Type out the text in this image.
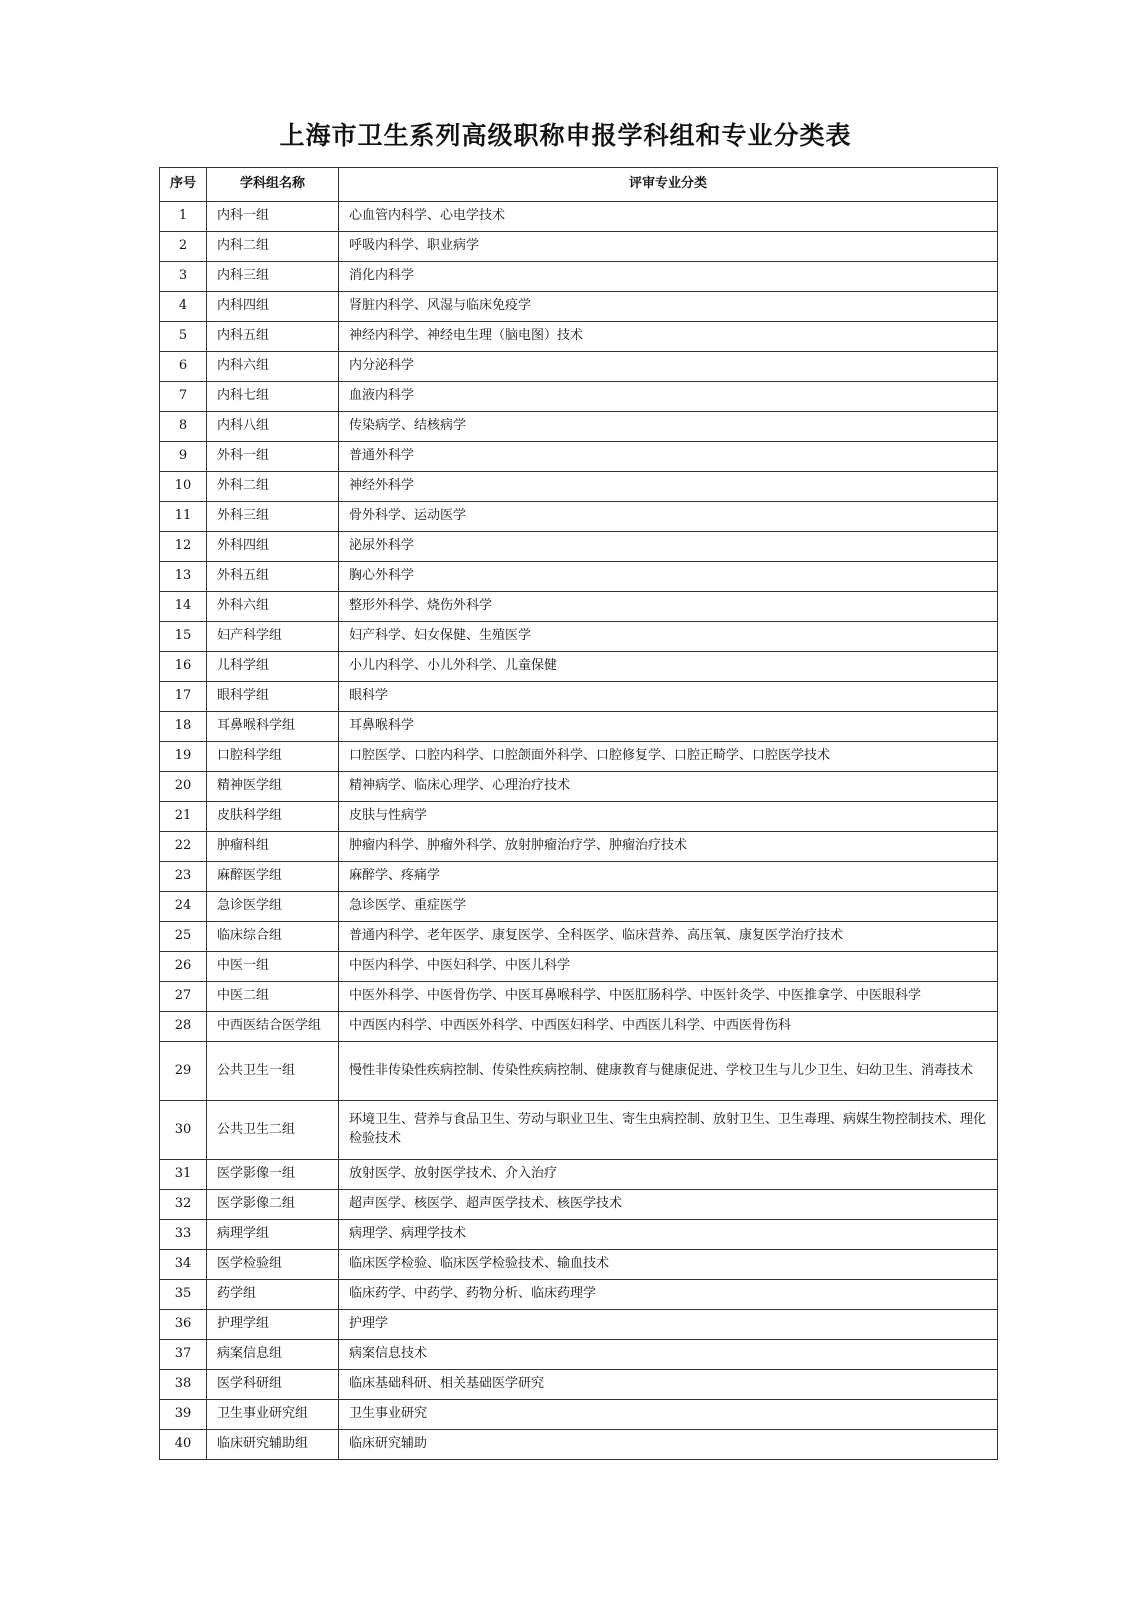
上海市卫生系列高级职称申报学科组和专业分类表
序号	学科组名称	评审专业分类
1	内科一组	心血管内科学、心电学技术
2	内科二组	呼吸内科学、职业病学
3	内科三组	消化内科学
4	内科四组	肾脏内科学、风湿与临床免疫学
5	内科五组	神经内科学、神经电生理（脑电图）技术
6	内科六组	内分泌科学
7	内科七组	血液内科学
8	内科八组	传染病学、结核病学
9	外科一组	普通外科学
10	外科二组	神经外科学
11	外科三组	骨外科学、运动医学
12	外科四组	泌尿外科学
13	外科五组	胸心外科学
14	外科六组	整形外科学、烧伤外科学
15	妇产科学组	妇产科学、妇女保健、生殖医学
16	儿科学组	小儿内科学、小儿外科学、儿童保健
17	眼科学组	眼科学
18	耳鼻喉科学组	耳鼻喉科学
19	口腔科学组	口腔医学、口腔内科学、口腔颌面外科学、口腔修复学、口腔正畸学、口腔医学技术
20	精神医学组	精神病学、临床心理学、心理治疗技术
21	皮肤科学组	皮肤与性病学
22	肿瘤科组	肿瘤内科学、肿瘤外科学、放射肿瘤治疗学、肿瘤治疗技术
23	麻醉医学组	麻醉学、疼痛学
24	急诊医学组	急诊医学、重症医学
25	临床综合组	普通内科学、老年医学、康复医学、全科医学、临床营养、高压氧、康复医学治疗技术
26	中医一组	中医内科学、中医妇科学、中医儿科学
27	中医二组	中医外科学、中医骨伤学、中医耳鼻喉科学、中医肛肠科学、中医针灸学、中医推拿学、中医眼科学
28	中西医结合医学组	中西医内科学、中西医外科学、中西医妇科学、中西医儿科学、中西医骨伤科
29	公共卫生一组	慢性非传染性疾病控制、传染性疾病控制、健康教育与健康促进、学校卫生与儿少卫生、妇幼卫生、消毒技术
30	公共卫生二组	环境卫生、营养与食品卫生、劳动与职业卫生、寄生虫病控制、放射卫生、卫生毒理、病媒生物控制技术、理化检验技术
31	医学影像一组	放射医学、放射医学技术、介入治疗
32	医学影像二组	超声医学、核医学、超声医学技术、核医学技术
33	病理学组	病理学、病理学技术
34	医学检验组	临床医学检验、临床医学检验技术、输血技术
35	药学组	临床药学、中药学、药物分析、临床药理学
36	护理学组	护理学
37	病案信息组	病案信息技术
38	医学科研组	临床基础科研、相关基础医学研究
39	卫生事业研究组	卫生事业研究
40	临床研究辅助组	临床研究辅助
